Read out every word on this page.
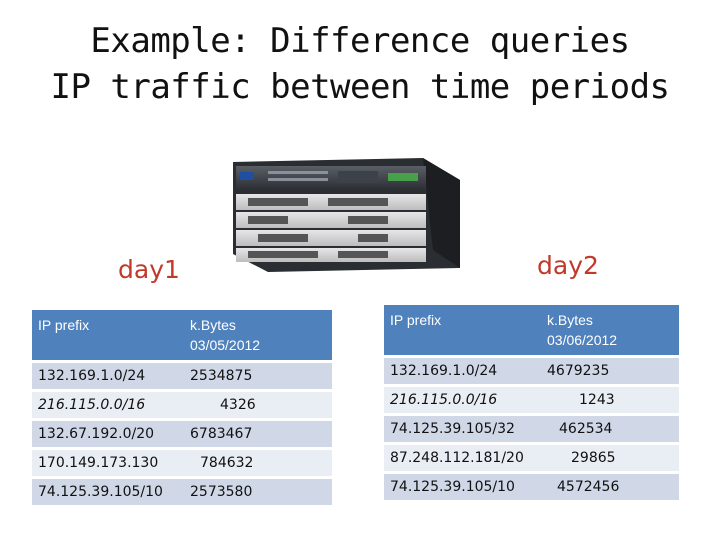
Example: Difference queries
IP traffic between time periods
day1	day2
IP prefix	k.Bytes
03/05/2012
132.169.1.0/24	2534875
216.115.0.0/16	4326
132.67.192.0/20	6783467
170.149.173.130	784632
74.125.39.105/10	2573580
IP prefix	k.Bytes
03/06/2012
132.169.1.0/24	4679235
216.115.0.0/16	1243
74.125.39.105/32	462534
87.248.112.181/20	29865
74.125.39.105/10	4572456
